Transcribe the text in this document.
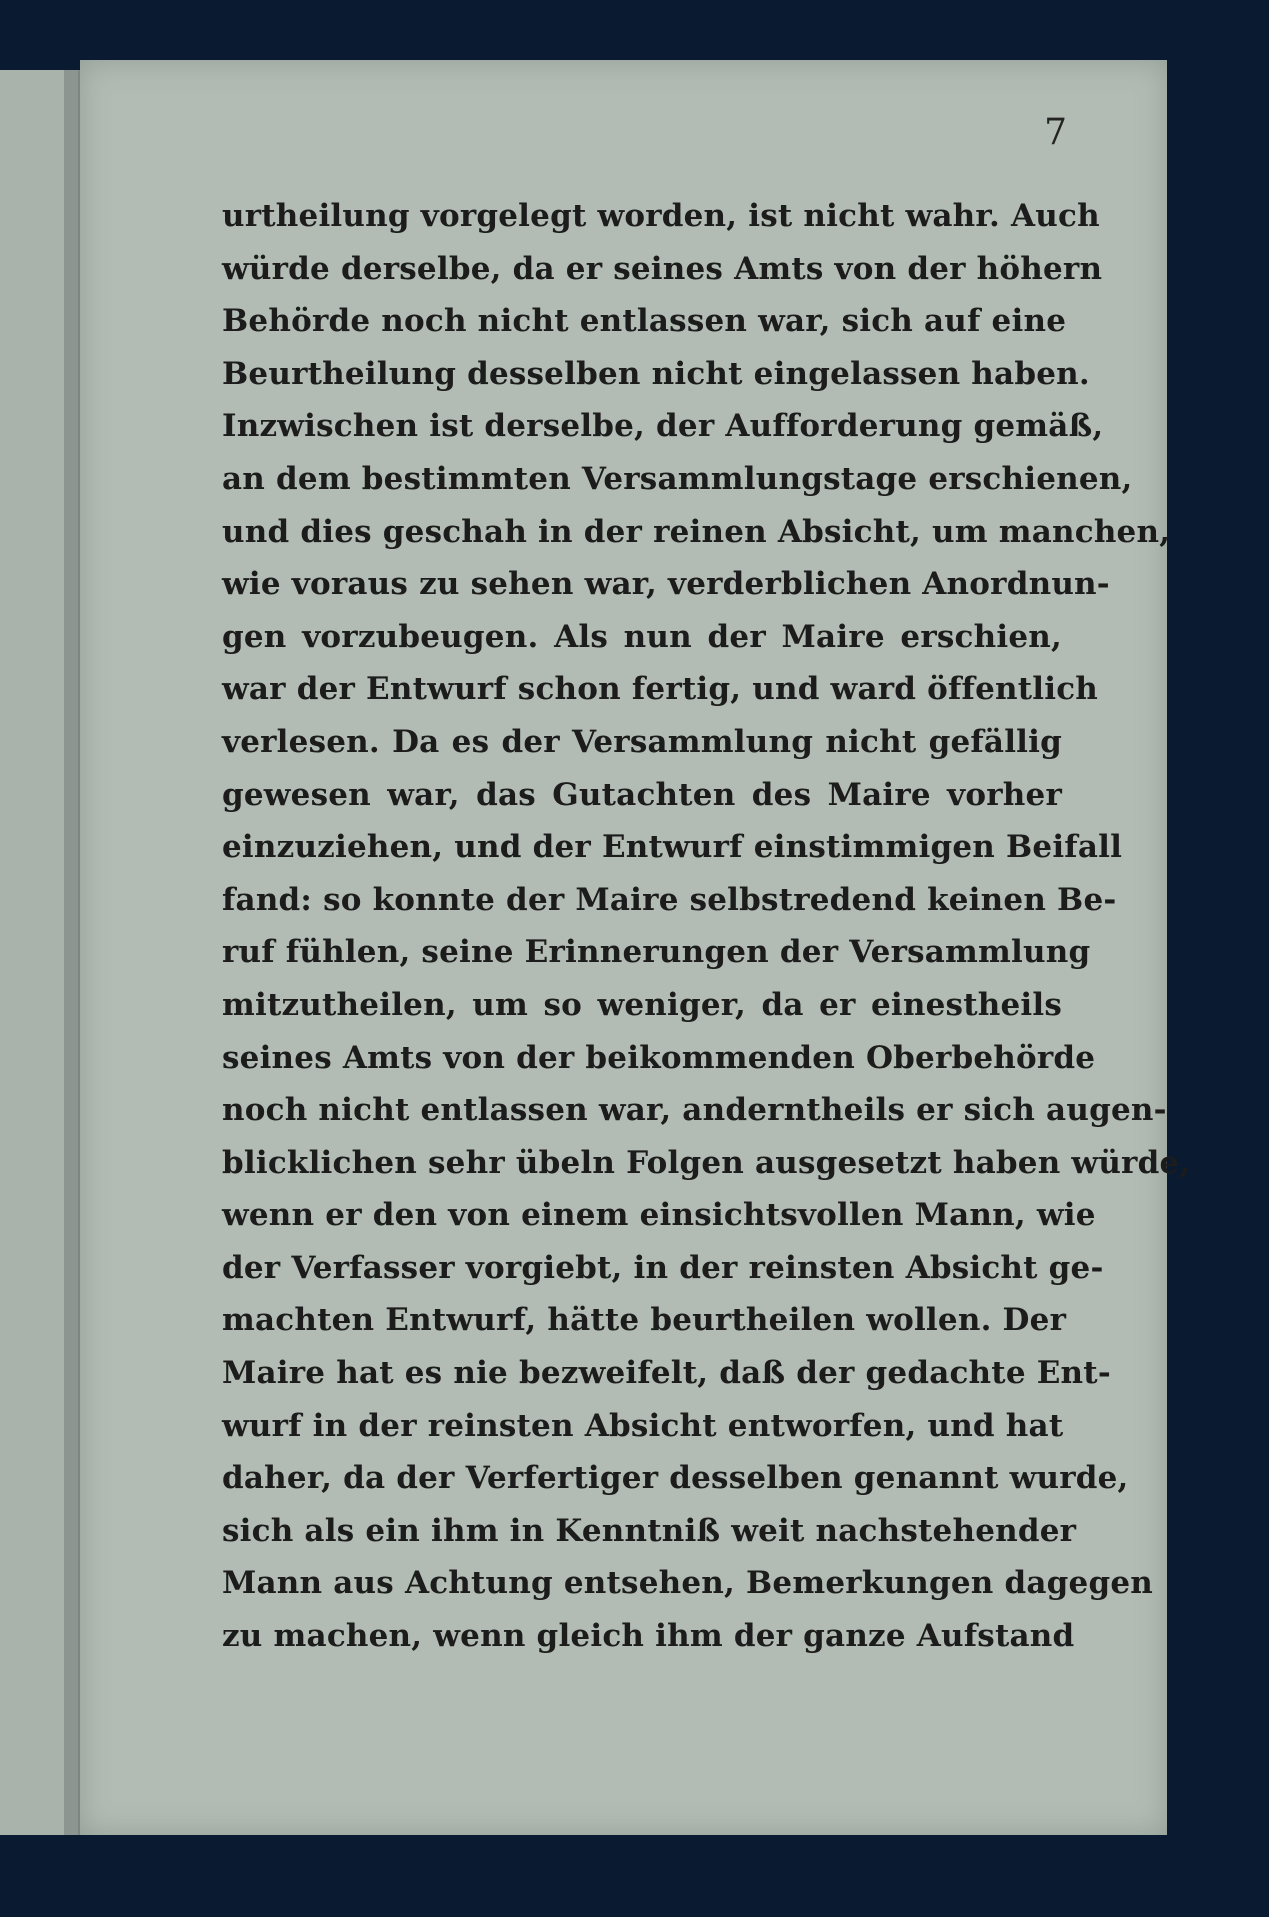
7

urtheilung vorgelegt worden, ist nicht wahr. Auch
würde derselbe, da er seines Amts von der höhern
Behörde noch nicht entlassen war, sich auf eine
Beurtheilung desselben nicht eingelassen haben.
Inzwischen ist derselbe, der Aufforderung gemäß,
an dem bestimmten Versammlungstage erschienen,
und dies geschah in der reinen Absicht, um manchen,
wie voraus zu sehen war, verderblichen Anordnun-
gen vorzubeugen. Als nun der Maire erschien,
war der Entwurf schon fertig, und ward öffentlich
verlesen. Da es der Versammlung nicht gefällig
gewesen war, das Gutachten des Maire vorher
einzuziehen, und der Entwurf einstimmigen Beifall
fand: so konnte der Maire selbstredend keinen Be-
ruf fühlen, seine Erinnerungen der Versammlung
mitzutheilen, um so weniger, da er einestheils
seines Amts von der beikommenden Oberbehörde
noch nicht entlassen war, anderntheils er sich augen-
blicklichen sehr übeln Folgen ausgesetzt haben würde,
wenn er den von einem einsichtsvollen Mann, wie
der Verfasser vorgiebt, in der reinsten Absicht ge-
machten Entwurf, hätte beurtheilen wollen. Der
Maire hat es nie bezweifelt, daß der gedachte Ent-
wurf in der reinsten Absicht entworfen, und hat
daher, da der Verfertiger desselben genannt wurde,
sich als ein ihm in Kenntniß weit nachstehender
Mann aus Achtung entsehen, Bemerkungen dagegen
zu machen, wenn gleich ihm der ganze Aufstand
